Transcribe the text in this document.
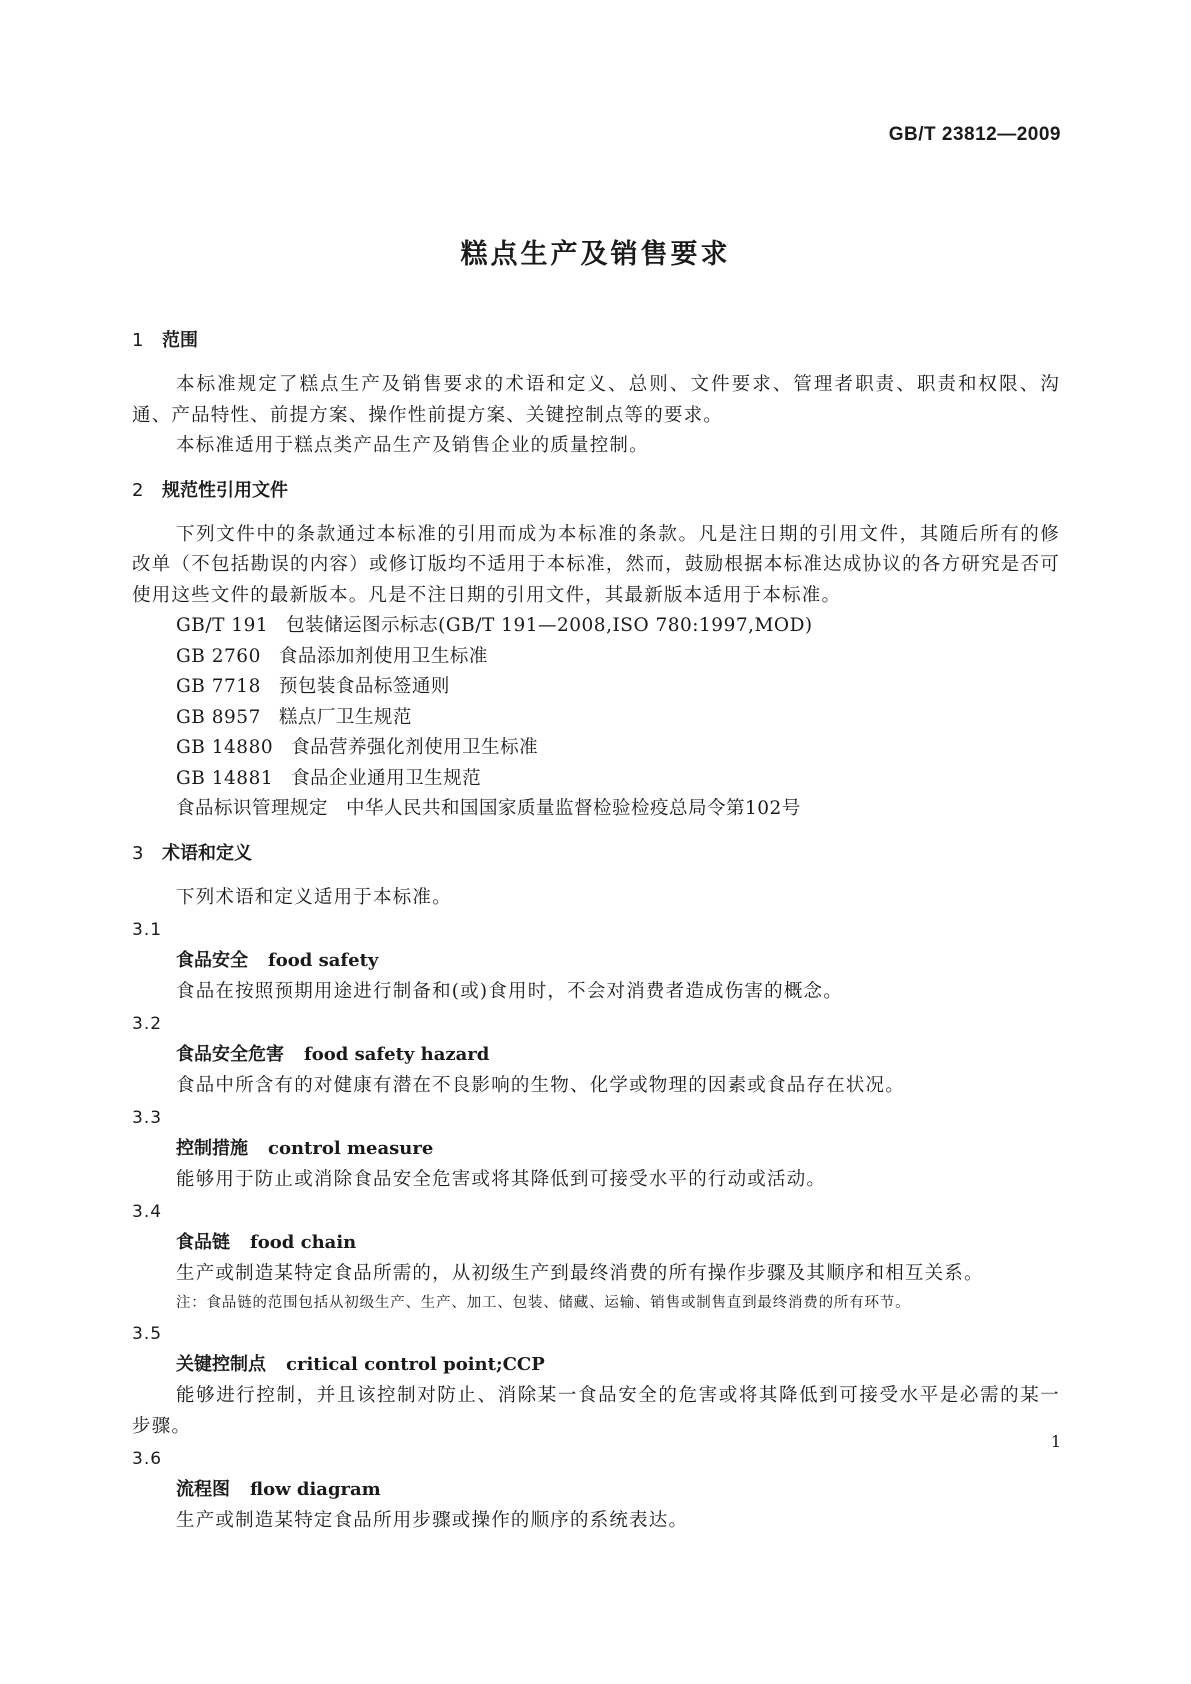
GB/T 23812—2009
糕点生产及销售要求
1 范围

本标准规定了糕点生产及销售要求的术语和定义、总则、文件要求、管理者职责、职责和权限、沟通、产品特性、前提方案、操作性前提方案、关键控制点等的要求。

本标准适用于糕点类产品生产及销售企业的质量控制。

2 规范性引用文件

下列文件中的条款通过本标准的引用而成为本标准的条款。凡是注日期的引用文件，其随后所有的修改单（不包括勘误的内容）或修订版均不适用于本标准，然而，鼓励根据本标准达成协议的各方研究是否可使用这些文件的最新版本。凡是不注日期的引用文件，其最新版本适用于本标准。

GB/T 191 包装储运图示标志(GB/T 191—2008,ISO 780:1997,MOD)

GB 2760 食品添加剂使用卫生标准

GB 7718 预包装食品标签通则

GB 8957 糕点厂卫生规范

GB 14880 食品营养强化剂使用卫生标准

GB 14881 食品企业通用卫生规范

食品标识管理规定 中华人民共和国国家质量监督检验检疫总局令第102号

3 术语和定义

下列术语和定义适用于本标准。

3.1

食品安全 food safety

食品在按照预期用途进行制备和(或)食用时，不会对消费者造成伤害的概念。

3.2

食品安全危害 food safety hazard

食品中所含有的对健康有潜在不良影响的生物、化学或物理的因素或食品存在状况。

3.3

控制措施 control measure

能够用于防止或消除食品安全危害或将其降低到可接受水平的行动或活动。

3.4

食品链 food chain

生产或制造某特定食品所需的，从初级生产到最终消费的所有操作步骤及其顺序和相互关系。

注：食品链的范围包括从初级生产、生产、加工、包装、储藏、运输、销售或制售直到最终消费的所有环节。

3.5

关键控制点 critical control point;CCP

能够进行控制，并且该控制对防止、消除某一食品安全的危害或将其降低到可接受水平是必需的某一步骤。

3.6

流程图 flow diagram

生产或制造某特定食品所用步骤或操作的顺序的系统表达。

1
